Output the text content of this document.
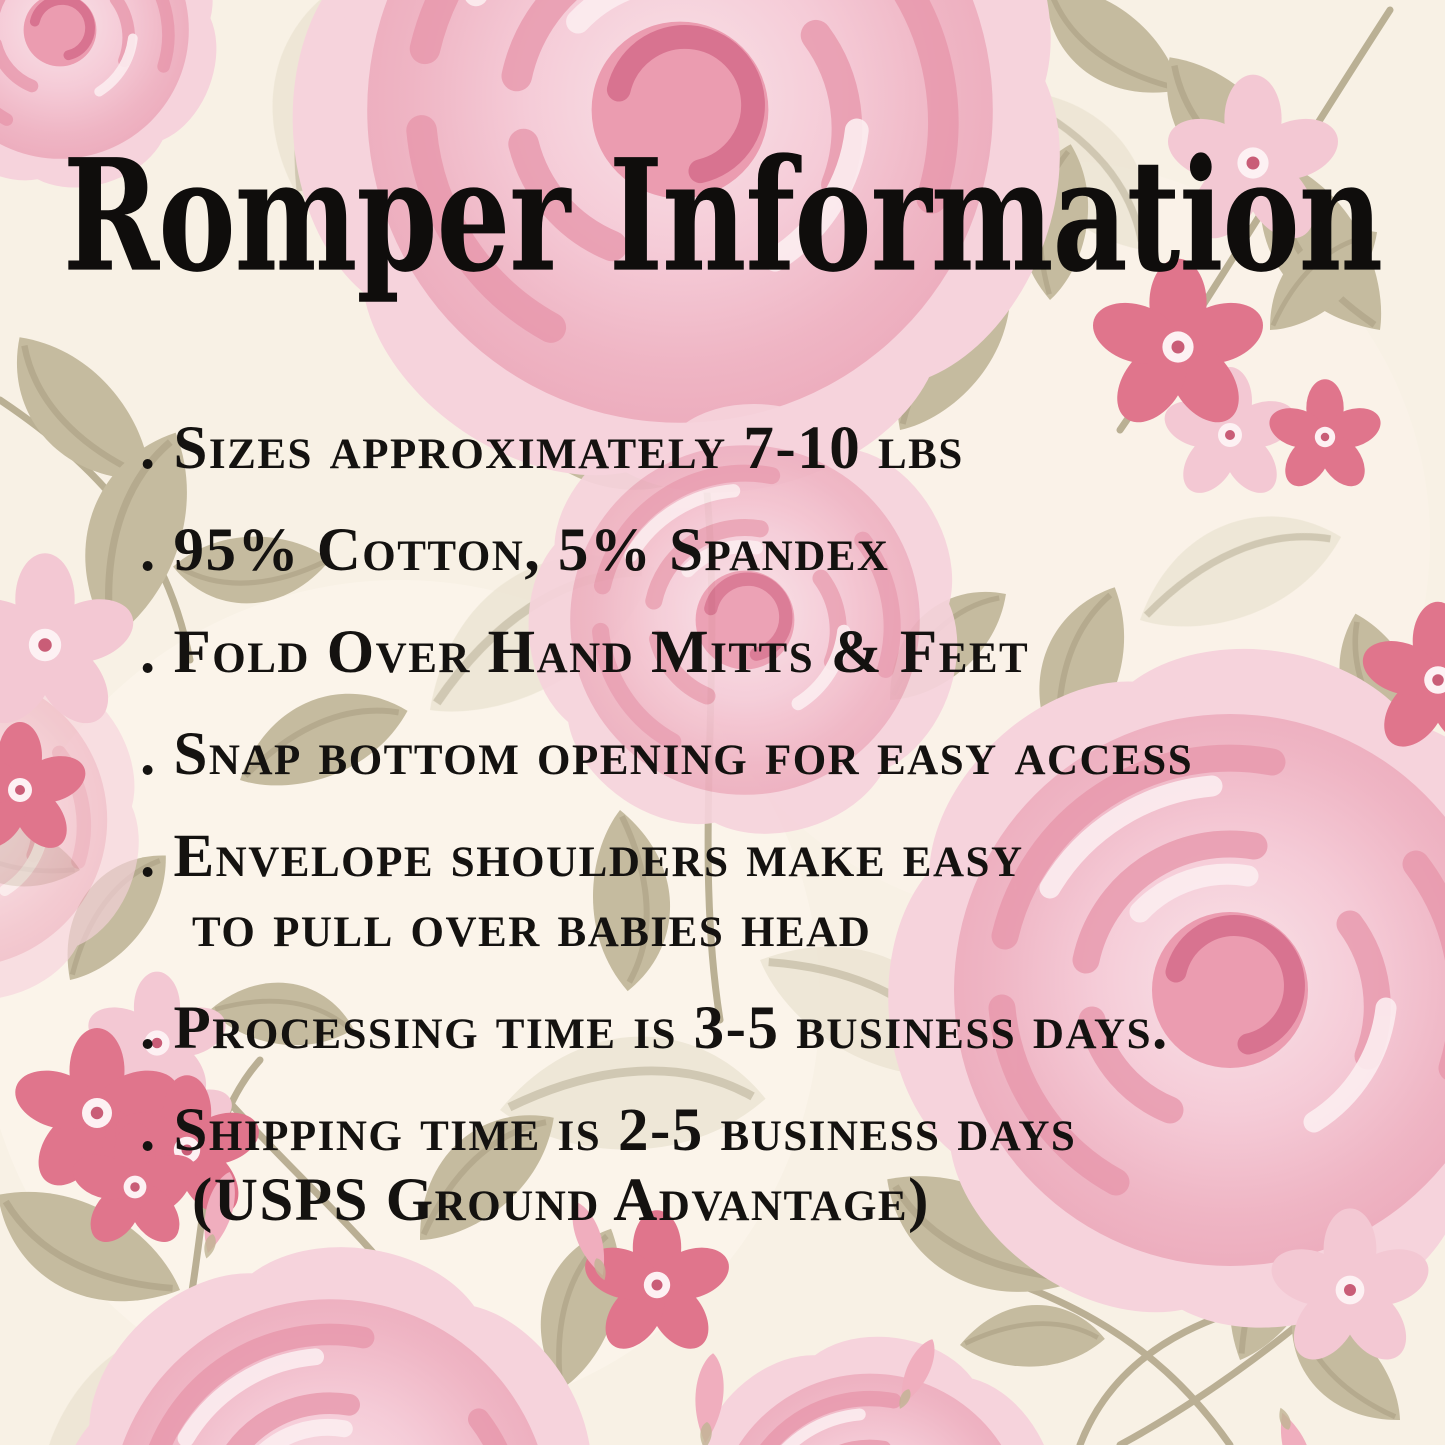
Romper Information

. Sizes approximately 7-10 lbs

. 95% Cotton, 5% Spandex

. Fold Over Hand Mitts & Feet

. Snap bottom opening for easy access

. Envelope shoulders make easy

to pull over babies head

. Processing time is 3-5 business days.

. Shipping time is 2-5 business days

(USPS Ground Advantage)
